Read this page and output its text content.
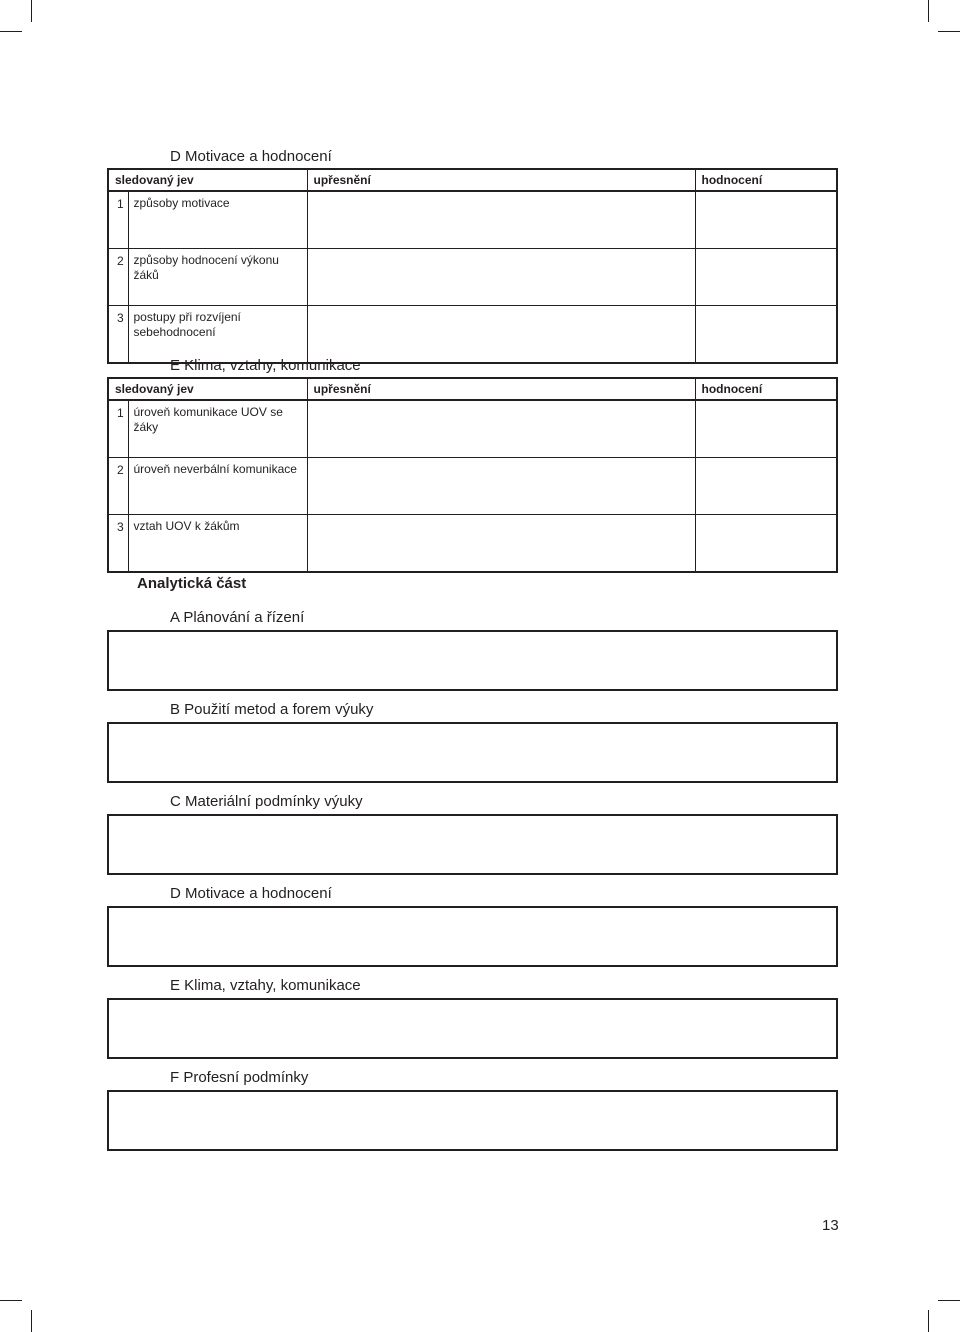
D Motivace a hodnocení
sledovaný jev		upřesnění	hodnocení
1	způsoby motivace		
2	způsoby hodnocení výkonu žáků		
3	postupy při rozvíjení sebehodnocení		
E Klima, vztahy, komunikace
sledovaný jev		upřesnění	hodnocení
1	úroveň komunikace UOV se žáky		
2	úroveň neverbální komunikace		
3	vztah UOV k žákům		
Analytická část
A Plánování a řízení
B Použití metod a forem výuky
C Materiální podmínky výuky
D Motivace a hodnocení
E Klima, vztahy, komunikace
F Profesní podmínky
13
